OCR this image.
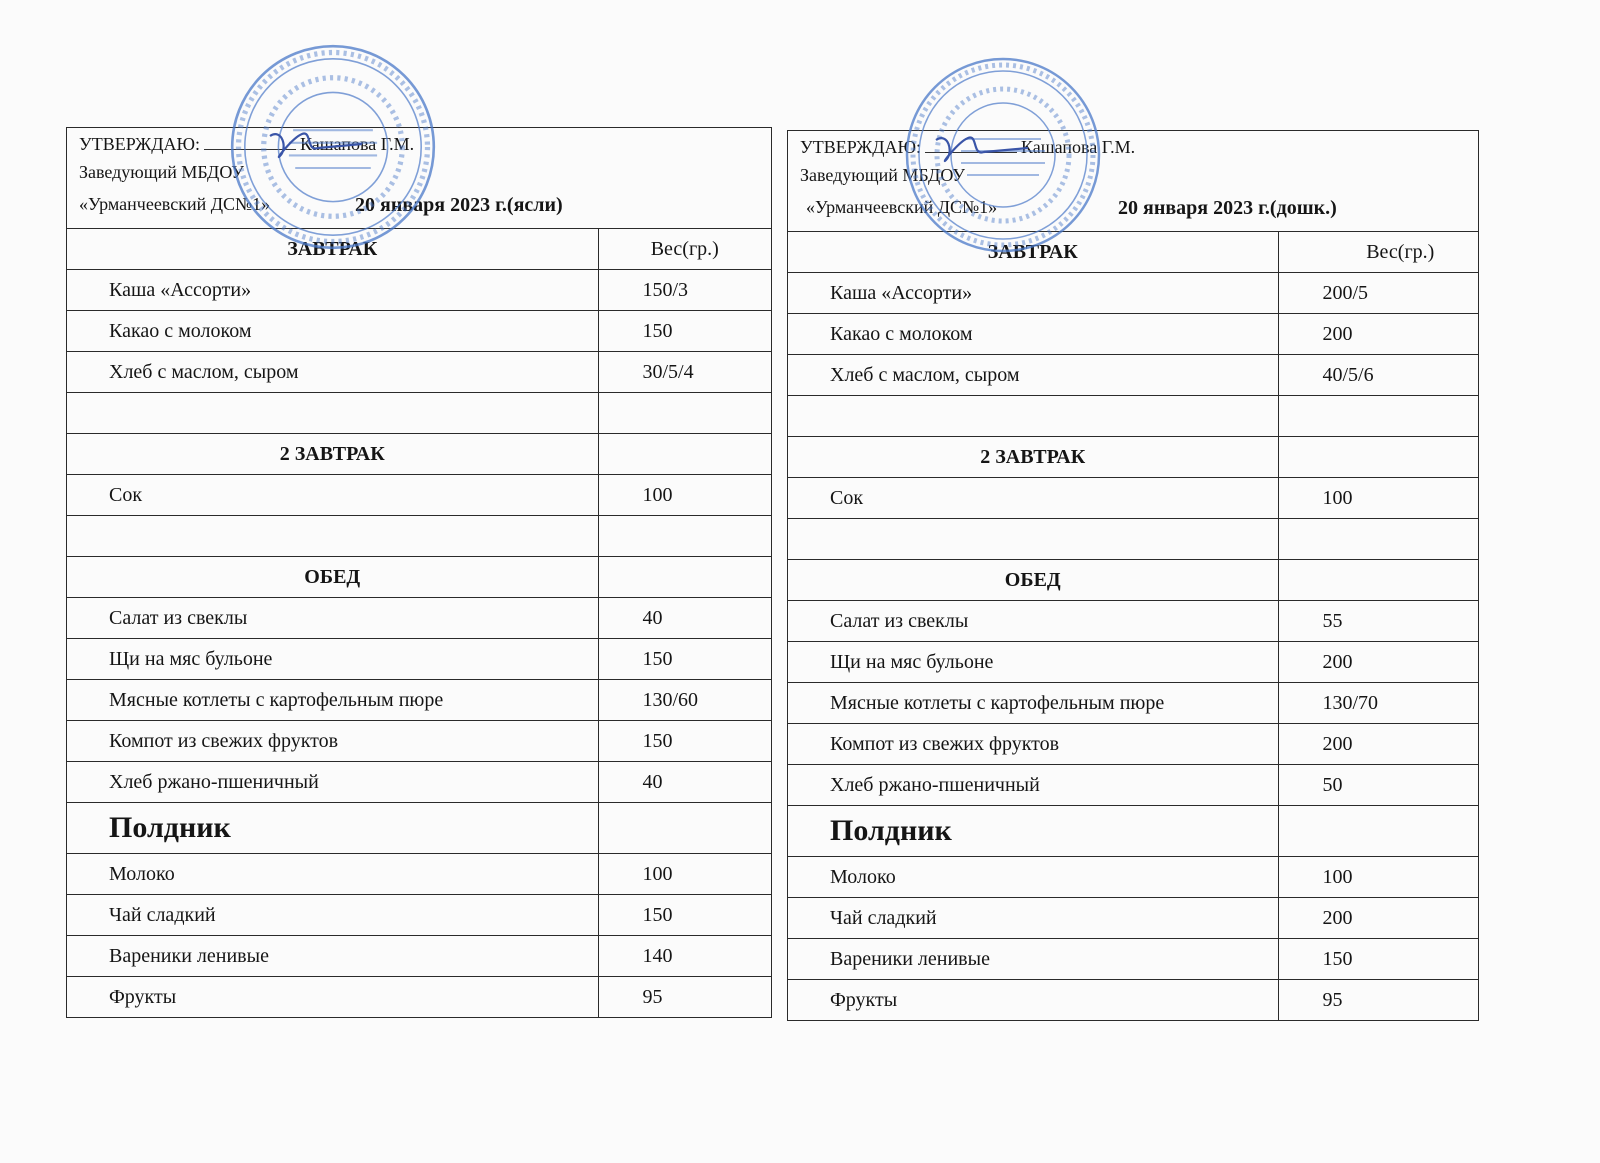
УТВЕРЖДАЮ:	Кашапова Г.М.
Заведующий МБДОУ
«Урманчеевский ДС№1»	20 января 2023 г.(ясли)
ЗАВТРАК	Вес(гр.)
Каша «Ассорти»	150/3
Какао с молоком	150
Хлеб с маслом, сыром	30/5/4

2 ЗАВТРАК	
Сок	100

ОБЕД	
Салат из свеклы	40
Щи на мяс бульоне	150
Мясные котлеты с картофельным пюре	130/60
Компот из свежих фруктов	150
Хлеб ржано-пшеничный	40
Полдник	
Молоко	100
Чай сладкий	150
Вареники ленивые	140
Фрукты	95
УТВЕРЖДАЮ:	Кашапова Г.М.
Заведующий МБДОУ
«Урманчеевский ДС№1»	20 января 2023 г.(дошк.)
ЗАВТРАК	Вес(гр.)
Каша «Ассорти»	200/5
Какао с молоком	200
Хлеб с маслом, сыром	40/5/6

2 ЗАВТРАК	
Сок	100

ОБЕД	
Салат из свеклы	55
Щи на мяс бульоне	200
Мясные котлеты с картофельным пюре	130/70
Компот из свежих фруктов	200
Хлеб ржано-пшеничный	50
Полдник	
Молоко	100
Чай сладкий	200
Вареники ленивые	150
Фрукты	95
